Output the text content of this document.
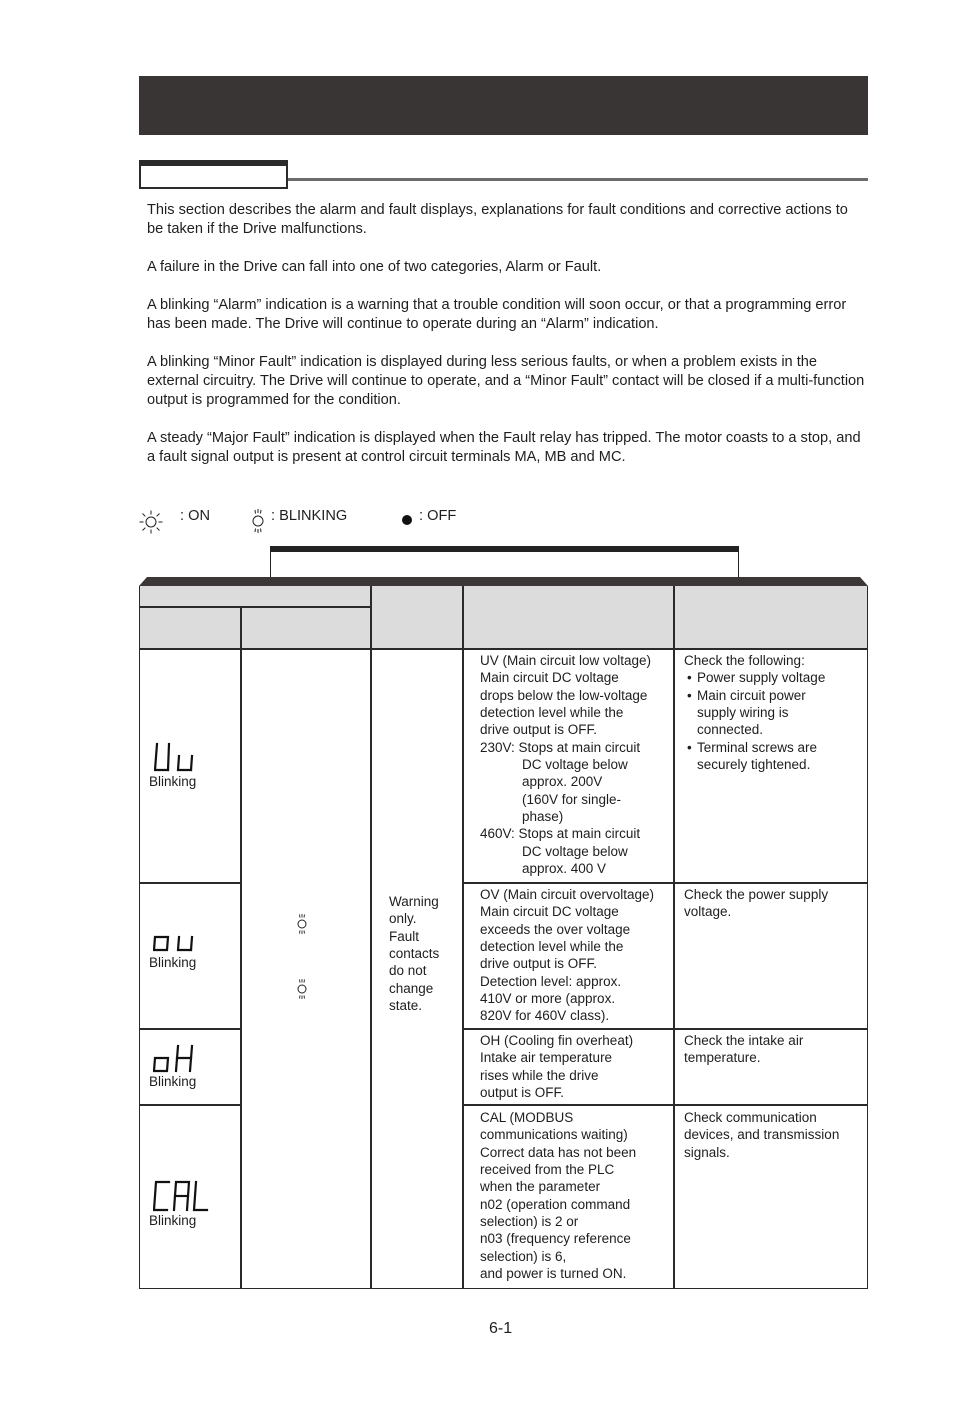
This section describes the alarm and fault displays, explanations for fault conditions and corrective actions to be taken if the Drive malfunctions.

A failure in the Drive can fall into one of two categories, Alarm or Fault.

A blinking “Alarm” indication is a warning that a trouble condition will soon occur, or that a programming error has been made. The Drive will continue to operate during an “Alarm” indication.

A blinking “Minor Fault” indication is displayed during less serious faults, or when a problem exists in the external circuitry. The Drive will continue to operate, and a “Minor Fault” contact will be closed if a multi-function output is programmed for the condition.

A steady “Major Fault” indication is displayed when the Fault relay has tripped. The motor coasts to a stop, and a fault signal output is present at control circuit terminals MA, MB and MC.

: ON	: BLINKING	: OFF
Blinking
UV (Main circuit low voltage)
Main circuit DC voltage
drops below the low-voltage
detection level while the
drive output is OFF.
230V: Stops at main circuit
DC voltage below
approx. 200V
(160V for single-
phase)
460V: Stops at main circuit
DC voltage below
approx. 400 V
Check the following:
• Power supply voltage
• Main circuit power
supply wiring is
connected.
• Terminal screws are
securely tightened.
Blinking
OV (Main circuit overvoltage)
Main circuit DC voltage
exceeds the over voltage
detection level while the
drive output is OFF.
Detection level: approx.
410V or more (approx.
820V for 460V class).
Check the power supply
voltage.
Blinking
OH (Cooling fin overheat)
Intake air temperature
rises while the drive
output is OFF.
Check the intake air
temperature.
Blinking
CAL (MODBUS
communications waiting)
Correct data has not been
received from the PLC
when the parameter
n02 (operation command
selection) is 2 or
n03 (frequency reference
selection) is 6,
and power is turned ON.
Check communication
devices, and transmission
signals.
Warning
only.
Fault
contacts
do not
change
state.
6-1
